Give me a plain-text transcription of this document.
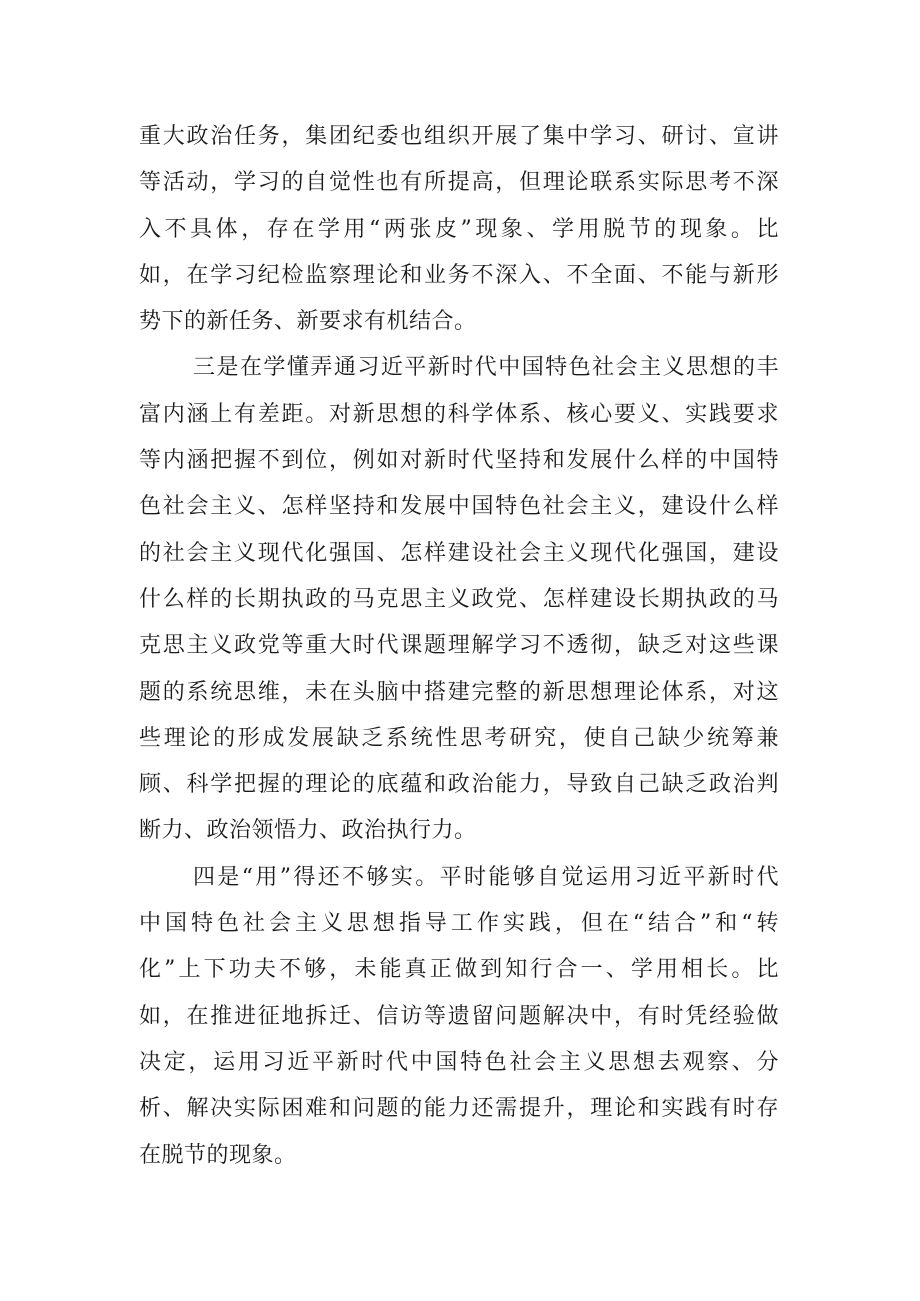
重大政治任务，集团纪委也组织开展了集中学习、研讨、宣讲
等活动，学习的自觉性也有所提高，但理论联系实际思考不深
入不具体，存在学用“两张皮”现象、学用脱节的现象。比
如，在学习纪检监察理论和业务不深入、不全面、不能与新形
势下的新任务、新要求有机结合。
三是在学懂弄通习近平新时代中国特色社会主义思想的丰
富内涵上有差距。对新思想的科学体系、核心要义、实践要求
等内涵把握不到位，例如对新时代坚持和发展什么样的中国特
色社会主义、怎样坚持和发展中国特色社会主义，建设什么样
的社会主义现代化强国、怎样建设社会主义现代化强国，建设
什么样的长期执政的马克思主义政党、怎样建设长期执政的马
克思主义政党等重大时代课题理解学习不透彻，缺乏对这些课
题的系统思维，未在头脑中搭建完整的新思想理论体系，对这
些理论的形成发展缺乏系统性思考研究，使自己缺少统筹兼
顾、科学把握的理论的底蕴和政治能力，导致自己缺乏政治判
断力、政治领悟力、政治执行力。
四是“用”得还不够实。平时能够自觉运用习近平新时代
中国特色社会主义思想指导工作实践，但在“结合”和“转
化”上下功夫不够，未能真正做到知行合一、学用相长。比
如，在推进征地拆迁、信访等遗留问题解决中，有时凭经验做
决定，运用习近平新时代中国特色社会主义思想去观察、分
析、解决实际困难和问题的能力还需提升，理论和实践有时存
在脱节的现象。
